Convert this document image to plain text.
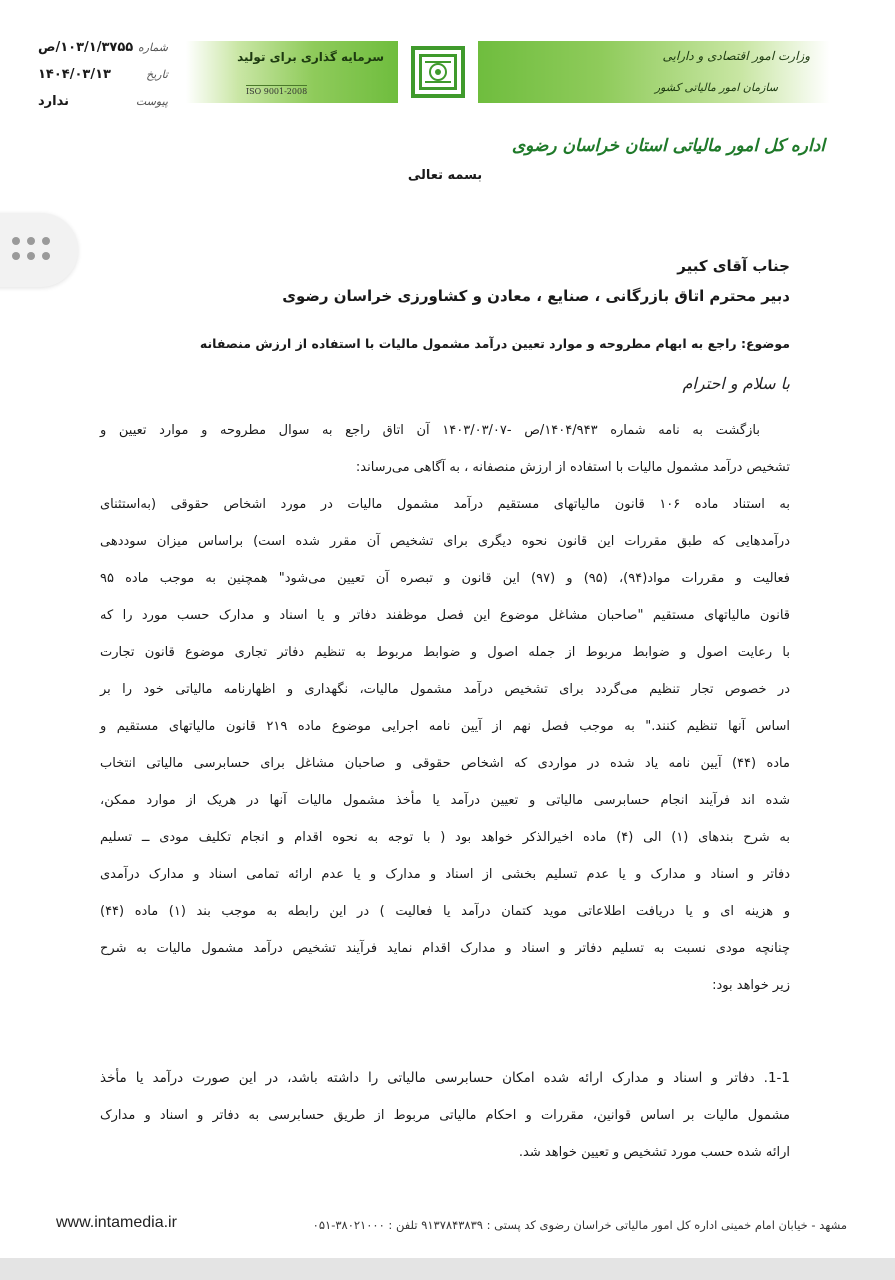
شماره
۱۰۳/۱/۳۷۵۵/ص
تاریخ
۱۴۰۴/۰۳/۱۳
پیوست
ندارد
سرمایه گذاری برای تولید
ISO 9001-2008
وزارت امور اقتصادی و دارایی
سازمان امور مالیاتی کشور
اداره کل امور مالیاتی استان خراسان رضوی
بسمه تعالی
جناب آقای کبیر
دبیر محترم اتاق بازرگانی ، صنایع ، معادن و کشاورزی خراسان رضوی
موضوع: راجع به ابهام مطروحه و موارد تعیین درآمد مشمول مالیات با استفاده از ارزش منصفانه
با سلام و احترام
بازگشت به نامه شماره ۱۴۰۴/۹۴۳/ص -۱۴۰۳/۰۳/۰۷ آن اتاق راجع به سوال مطروحه و موارد تعیین و
تشخیص درآمد مشمول مالیات با استفاده از ارزش منصفانه ، به آگاهی می‌رساند:
به استناد ماده ۱۰۶ قانون مالیاتهای مستقیم درآمد مشمول مالیات در مورد اشخاص حقوقی (به‌استثنای
درآمدهایی که طبق مقررات این قانون نحوه دیگری برای تشخیص آن مقرر شده است) براساس میزان سوددهی
فعالیت و مقررات مواد(۹۴)، (۹۵) و (۹۷) این قانون و تبصره آن تعیین می‌شود" همچنین به موجب ماده ۹۵
قانون مالیاتهای مستقیم "صاحبان مشاغل موضوع این فصل موظفند دفاتر و یا اسناد و مدارک حسب مورد را که
با رعایت اصول و ضوابط مربوط از جمله اصول و ضوابط مربوط به تنظیم دفاتر تجاری موضوع قانون تجارت
در خصوص تجار تنظیم می‌گردد برای تشخیص درآمد مشمول مالیات، نگهداری و اظهارنامه مالیاتی خود را بر
اساس آنها تنظیم کنند." به موجب فصل نهم از آیین نامه اجرایی موضوع ماده ۲۱۹ قانون مالیاتهای مستقیم و
ماده (۴۴) آیین نامه یاد شده در مواردی که اشخاص حقوقی و صاحبان مشاغل برای حسابرسی مالیاتی انتخاب
شده اند فرآیند انجام حسابرسی مالیاتی و تعیین درآمد یا مأخذ مشمول مالیات آنها در هریک از موارد ممکن،
به شرح بندهای (۱) الی (۴) ماده اخیرالذکر خواهد بود ( با توجه به نحوه اقدام و انجام تکلیف مودی ــ تسلیم
دفاتر و اسناد و مدارک و یا عدم تسلیم بخشی از اسناد و مدارک و یا عدم ارائه تمامی اسناد و مدارک درآمدی
و هزینه ای و یا دریافت اطلاعاتی موید کتمان درآمد یا فعالیت ) در این رابطه به موجب بند (۱) ماده (۴۴)
چنانچه مودی نسبت به تسلیم دفاتر و اسناد و مدارک اقدام نماید فرآیند تشخیص درآمد مشمول مالیات به شرح
زیر خواهد بود:
1-1. دفاتر و اسناد و مدارک ارائه شده امکان حسابرسی مالیاتی را داشته باشد، در این صورت درآمد یا مأخذ
مشمول مالیات بر اساس قوانین، مقررات و احکام مالیاتی مربوط از طریق حسابرسی به دفاتر و اسناد و مدارک
ارائه شده حسب مورد تشخیص و تعیین خواهد شد.
مشهد - خیابان امام خمینی اداره کل امور مالیاتی خراسان رضوی کد پستی : ۹۱۳۷۸۴۳۸۳۹ تلفن : ۳۸۰۲۱۰۰۰-۰۵۱
www.intamedia.ir
